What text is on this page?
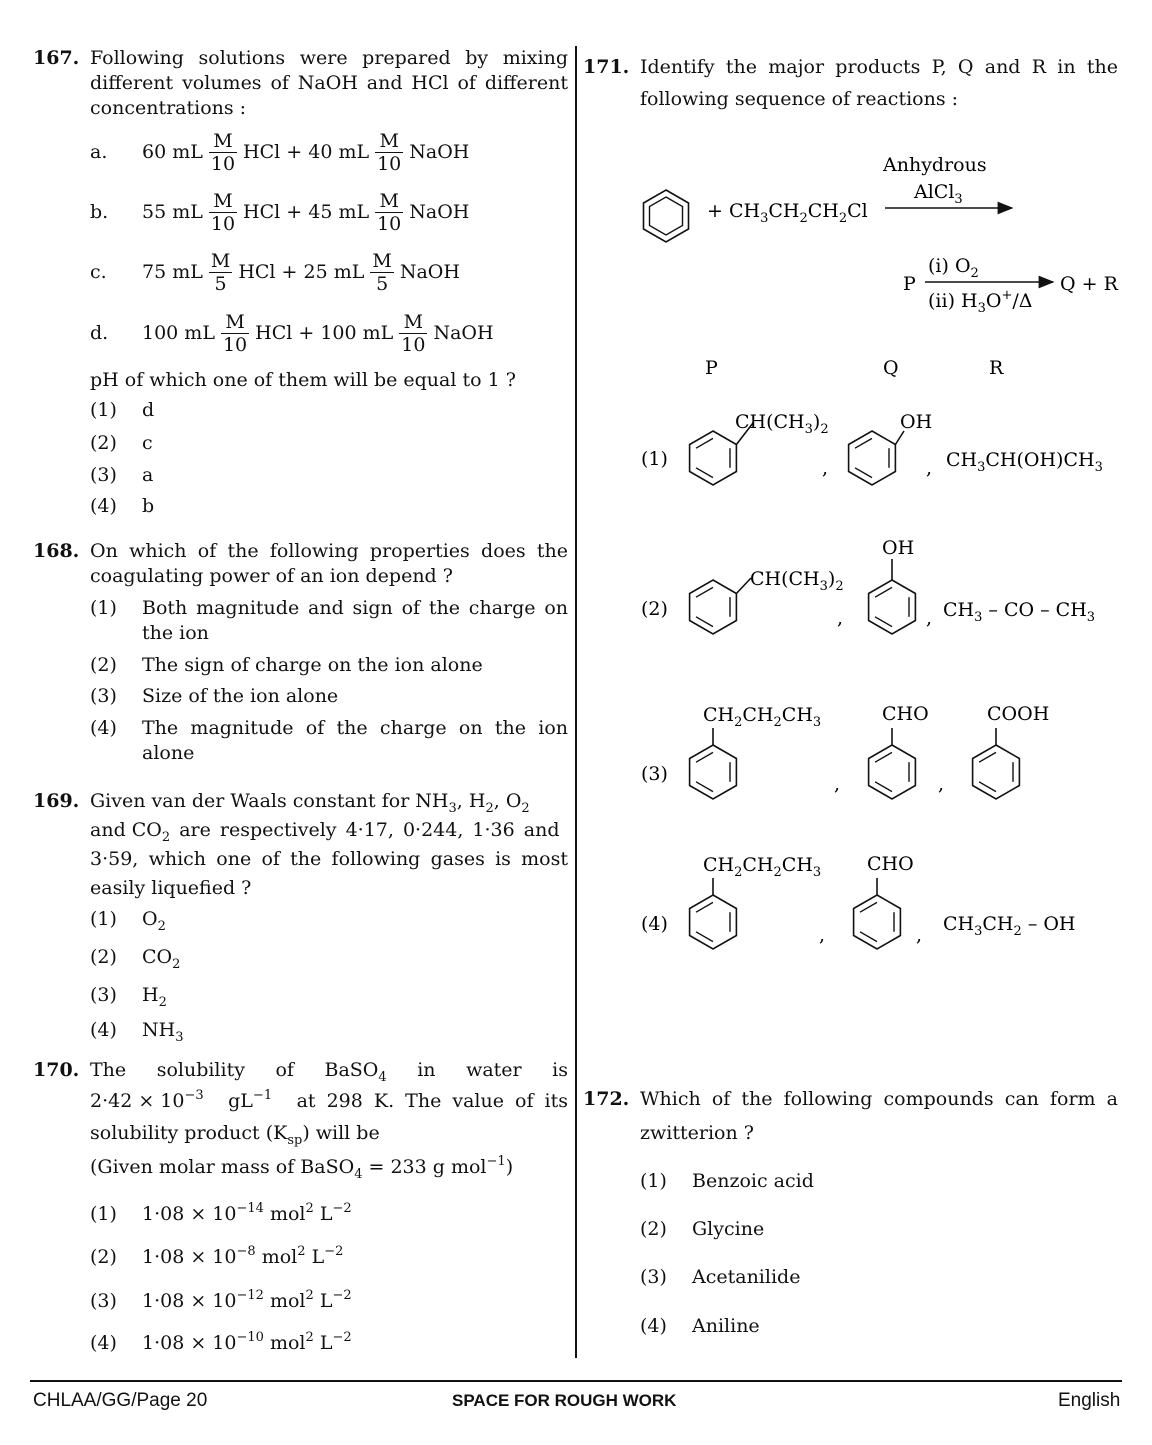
167. Following solutions were prepared by mixing
different volumes of NaOH and HCl of different
concentrations :
a.	60 mL $\frac{M}{10}$ HCl + 40 mL $\frac{M}{10}$ NaOH
b.	55 mL $\frac{M}{10}$ HCl + 45 mL $\frac{M}{10}$ NaOH
c.	75 mL $\frac{M}{5}$ HCl + 25 mL $\frac{M}{5}$ NaOH
d.	100 mL $\frac{M}{10}$ HCl + 100 mL $\frac{M}{10}$ NaOH
pH of which one of them will be equal to 1 ?
(1) d
(2) c
(3) a
(4) b
168. On which of the following properties does the
coagulating power of an ion depend ?
(1) Both magnitude and sign of the charge on
the ion
(2) The sign of charge on the ion alone
(3) Size of the ion alone
(4) The magnitude of the charge on the ion
alone
169. Given van der Waals constant for $NH_3$, $H_2$, $O_2$
and $CO_2$ are respectively 4·17, 0·244, 1·36 and
3·59, which one of the following gases is most
easily liquefied ?
(1) $O_2$
(2) $CO_2$
(3) $H_2$
(4) $NH_3$
170. The solubility of BaSO$_4$ in water is
$2\cdot 42 \times 10^{-3}$ $gL^{-1}$ at 298 K. The value of its
solubility product $(K_{sp})$ will be
(Given molar mass of BaSO$_4$ = 233 g mol$^{-1}$)
(1) $1\cdot 08 \times 10^{-14}$ mol$^2$ $L^{-2}$
(2) $1\cdot 08 \times 10^{-8}$ mol$^2$ $L^{-2}$
(3) $1\cdot 08 \times 10^{-12}$ mol$^2$ $L^{-2}$
(4) $1\cdot 08 \times 10^{-10}$ mol$^2$ $L^{-2}$
171. Identify the major products P, Q and R in the
following sequence of reactions :
+ $CH_3CH_2CH_2Cl$
Anhydrous
AlCl$_3$
P
(i) $O_2$
(ii) $H_3O^+/\Delta$
Q + R
P	Q	R
(1)
$CH(CH_3)_2$
,
OH
, $CH_3CH(OH)CH_3$
(2)
$CH(CH_3)_2$
,
OH
, $CH_3$ – CO – $CH_3$
(3)
$CH_2CH_2CH_3$
,
CHO
,
COOH
(4)
$CH_2CH_2CH_3$
,
CHO
, $CH_3CH_2$ – OH
172. Which of the following compounds can form a
zwitterion ?
(1) Benzoic acid
(2) Glycine
(3) Acetanilide
(4) Aniline
CHLAA/GG/Page 20	SPACE FOR ROUGH WORK	English
